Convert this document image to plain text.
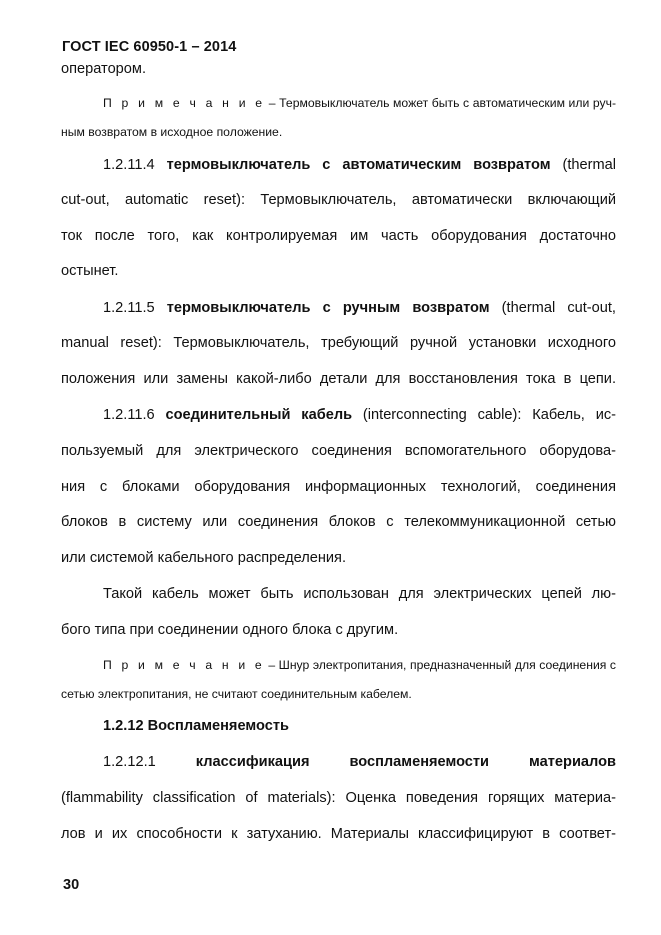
ГОСТ IEC 60950-1 – 2014

оператором.

П р и м е ч а н и е – Термовыключатель может быть с автоматическим или руч-

ным возвратом в исходное положение.

1.2.11.4 термовыключатель с автоматическим возвратом (thermal

cut-out, automatic reset): Термовыключатель, автоматически включающий

ток после того, как контролируемая им часть оборудования достаточно

остынет.

1.2.11.5 термовыключатель с ручным возвратом (thermal cut-out,

manual reset): Термовыключатель, требующий ручной установки исходного

положения или замены какой-либо детали для восстановления тока в цепи.

1.2.11.6 соединительный кабель (interconnecting cable): Кабель, ис-

пользуемый для электрического соединения вспомогательного оборудова-

ния с блоками оборудования информационных технологий, соединения

блоков в систему или соединения блоков с телекоммуникационной сетью

или системой кабельного распределения.

Такой кабель может быть использован для электрических цепей лю-

бого типа при соединении одного блока с другим.

П р и м е ч а н и е – Шнур электропитания, предназначенный для соединения с

сетью электропитания, не считают соединительным кабелем.

1.2.12 Воспламеняемость

1.2.12.1	классификация	воспламеняемости	материалов

(flammability classification of materials): Оценка поведения горящих материа-

лов и их способности к затуханию. Материалы классифицируют в соответ-

30
